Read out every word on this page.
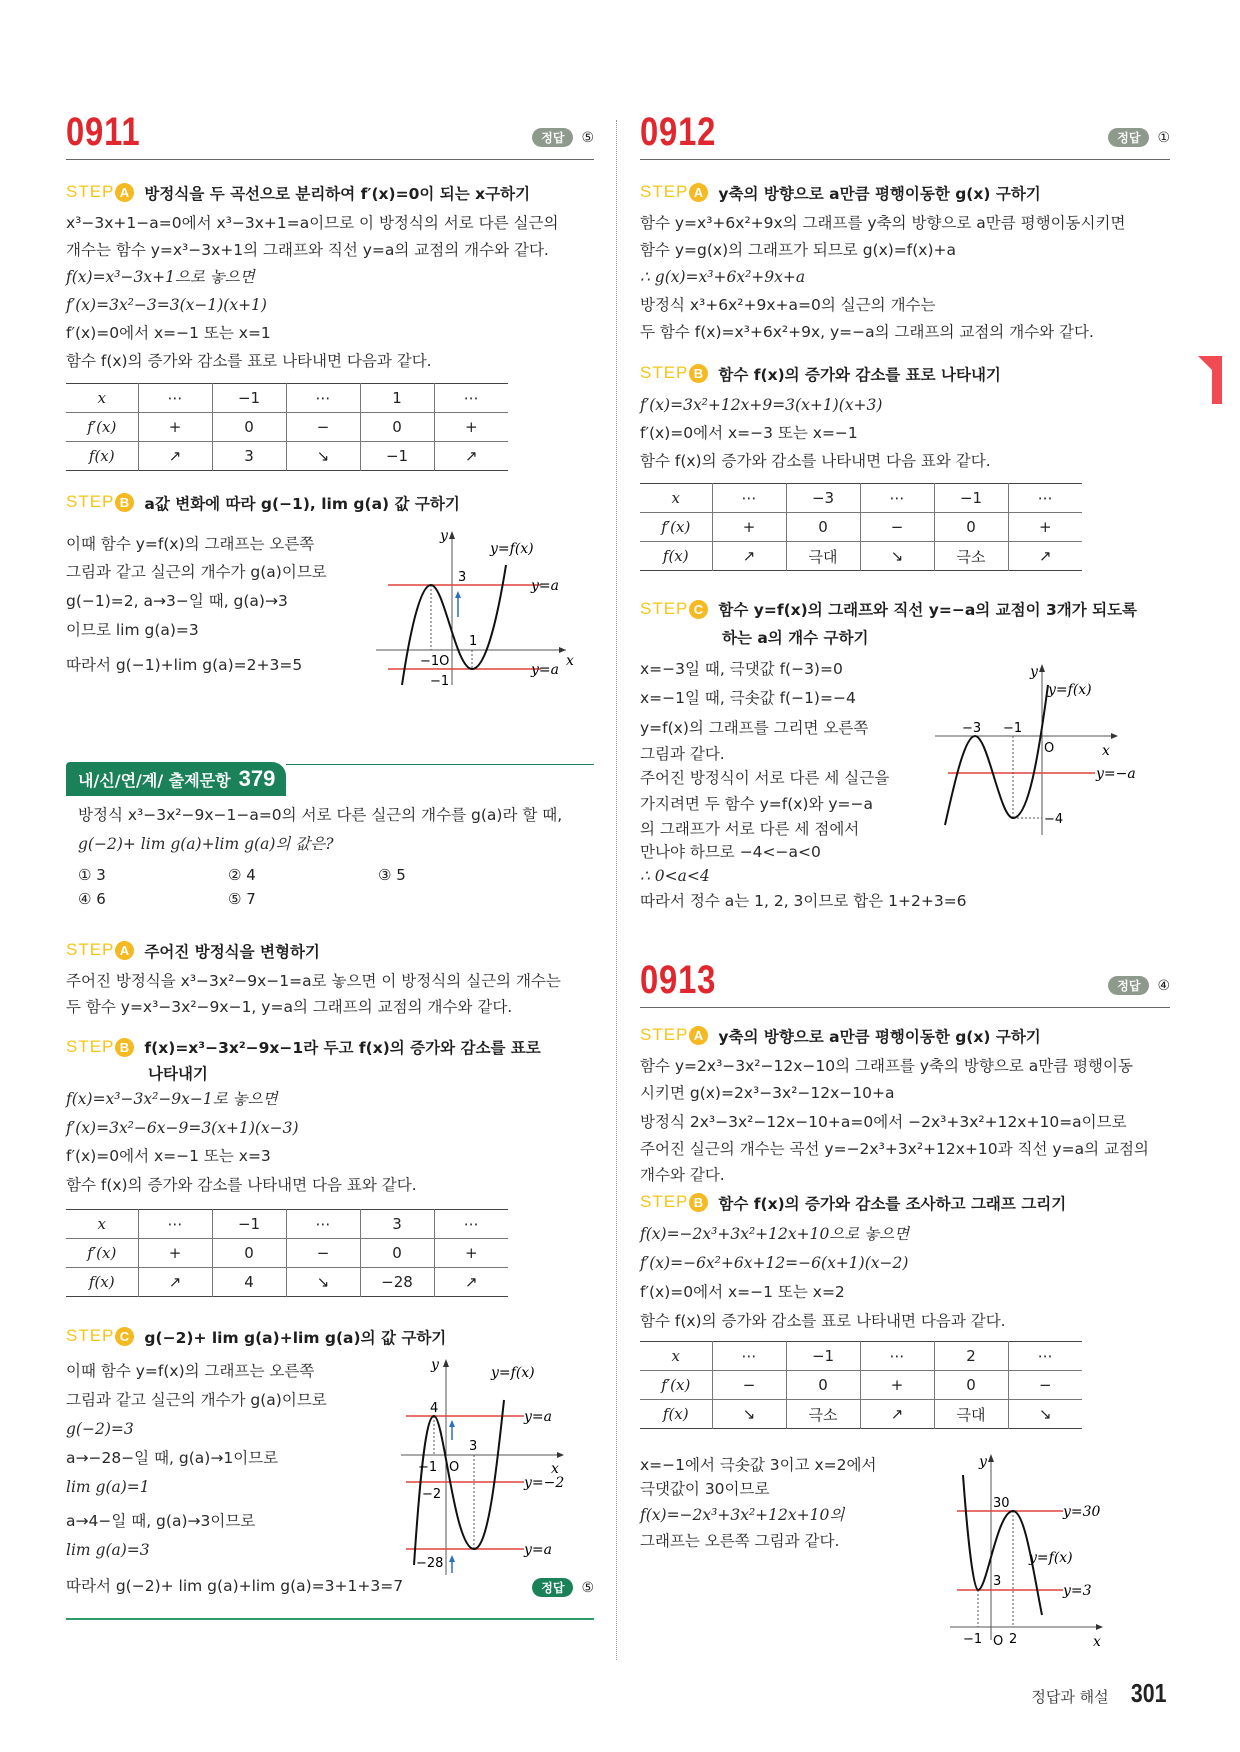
0911	정답	⑤
STEP A 방정식을 두 곡선으로 분리하여 f′(x)=0이 되는 x구하기
x³−3x+1−a=0에서 x³−3x+1=a이므로 이 방정식의 서로 다른 실근의
개수는 함수 y=x³−3x+1의 그래프와 직선 y=a의 교점의 개수와 같다.
f(x)=x³−3x+1으로 놓으면
f′(x)=3x²−3=3(x−1)(x+1)
f′(x)=0에서 x=−1 또는 x=1
함수 f(x)의 증가와 감소를 표로 나타내면 다음과 같다.
x	⋯	−1	⋯	1	⋯
f′(x)	+	0	−	0	+
f(x)	↗	3	↘	−1	↗
STEP B a값 변화에 따라 g(−1), lim g(a) 값 구하기
이때 함수 y=f(x)의 그래프는 오른쪽
그림과 같고 실근의 개수가 g(a)이므로
g(−1)=2, a→3−일 때, g(a)→3
이므로 lim g(a)=3
따라서 g(−1)+lim g(a)=2+3=5
y
x
y=f(x)
3
1
−1O
−1
y=a
y=a
내/신/연/계/ 출제문항 379
방정식 x³−3x²−9x−1−a=0의 서로 다른 실근의 개수를 g(a)라 할 때,
g(−2)+ lim g(a)+lim g(a)의 값은?
① 3	② 4	③ 5
④ 6	⑤ 7
STEP A 주어진 방정식을 변형하기
주어진 방정식을 x³−3x²−9x−1=a로 놓으면 이 방정식의 실근의 개수는
두 함수 y=x³−3x²−9x−1, y=a의 그래프의 교점의 개수와 같다.
STEP B f(x)=x³−3x²−9x−1라 두고 f(x)의 증가와 감소를 표로
나타내기
f(x)=x³−3x²−9x−1로 놓으면
f′(x)=3x²−6x−9=3(x+1)(x−3)
f′(x)=0에서 x=−1 또는 x=3
함수 f(x)의 증가와 감소를 나타내면 다음 표와 같다.
x	⋯	−1	⋯	3	⋯
f′(x)	+	0	−	0	+
f(x)	↗	4	↘	−28	↗
STEP C g(−2)+ lim g(a)+lim g(a)의 값 구하기
이때 함수 y=f(x)의 그래프는 오른쪽
그림과 같고 실근의 개수가 g(a)이므로
g(−2)=3
a→−28−일 때, g(a)→1이므로
lim g(a)=1
a→4−일 때, g(a)→3이므로
lim g(a)=3
따라서 g(−2)+ lim g(a)+lim g(a)=3+1+3=7	정답	⑤
y
x
y=f(x)
4
3
−1 O
−2
−28
y=a
y=−2
y=a
0912	정답	①
STEP A y축의 방향으로 a만큼 평행이동한 g(x) 구하기
함수 y=x³+6x²+9x의 그래프를 y축의 방향으로 a만큼 평행이동시키면
함수 y=g(x)의 그래프가 되므로 g(x)=f(x)+a
∴ g(x)=x³+6x²+9x+a
방정식 x³+6x²+9x+a=0의 실근의 개수는
두 함수 f(x)=x³+6x²+9x, y=−a의 그래프의 교점의 개수와 같다.
STEP B 함수 f(x)의 증가와 감소를 표로 나타내기
f′(x)=3x²+12x+9=3(x+1)(x+3)
f′(x)=0에서 x=−3 또는 x=−1
함수 f(x)의 증가와 감소를 나타내면 다음 표와 같다.
x	⋯	−3	⋯	−1	⋯
f′(x)	+	0	−	0	+
f(x)	↗	극대	↘	극소	↗
STEP C 함수 y=f(x)의 그래프와 직선 y=−a의 교점이 3개가 되도록
하는 a의 개수 구하기
x=−3일 때, 극댓값 f(−3)=0
x=−1일 때, 극솟값 f(−1)=−4
y=f(x)의 그래프를 그리면 오른쪽
그림과 같다.
주어진 방정식이 서로 다른 세 실근을
가지려면 두 함수 y=f(x)와 y=−a
의 그래프가 서로 다른 세 점에서
만나야 하므로 −4<−a<0
∴ 0<a<4
따라서 정수 a는 1, 2, 3이므로 합은 1+2+3=6
y
x
y=f(x)
−3 −1
O
−4
y=−a
0913	정답	④
STEP A y축의 방향으로 a만큼 평행이동한 g(x) 구하기
함수 y=2x³−3x²−12x−10의 그래프를 y축의 방향으로 a만큼 평행이동
시키면 g(x)=2x³−3x²−12x−10+a
방정식 2x³−3x²−12x−10+a=0에서 −2x³+3x²+12x+10=a이므로
주어진 실근의 개수는 곡선 y=−2x³+3x²+12x+10과 직선 y=a의 교점의
개수와 같다.
STEP B 함수 f(x)의 증가와 감소를 조사하고 그래프 그리기
f(x)=−2x³+3x²+12x+10으로 놓으면
f′(x)=−6x²+6x+12=−6(x+1)(x−2)
f′(x)=0에서 x=−1 또는 x=2
함수 f(x)의 증가와 감소를 표로 나타내면 다음과 같다.
x	⋯	−1	⋯	2	⋯
f′(x)	−	0	+	0	−
f(x)	↘	극소	↗	극대	↘
x=−1에서 극솟값 3이고 x=2에서
극댓값이 30이므로
f(x)=−2x³+3x²+12x+10의
그래프는 오른쪽 그림과 같다.
y
x
y=f(x)
30
3
−1 O 2
y=30
y=3
정답과 해설 301
